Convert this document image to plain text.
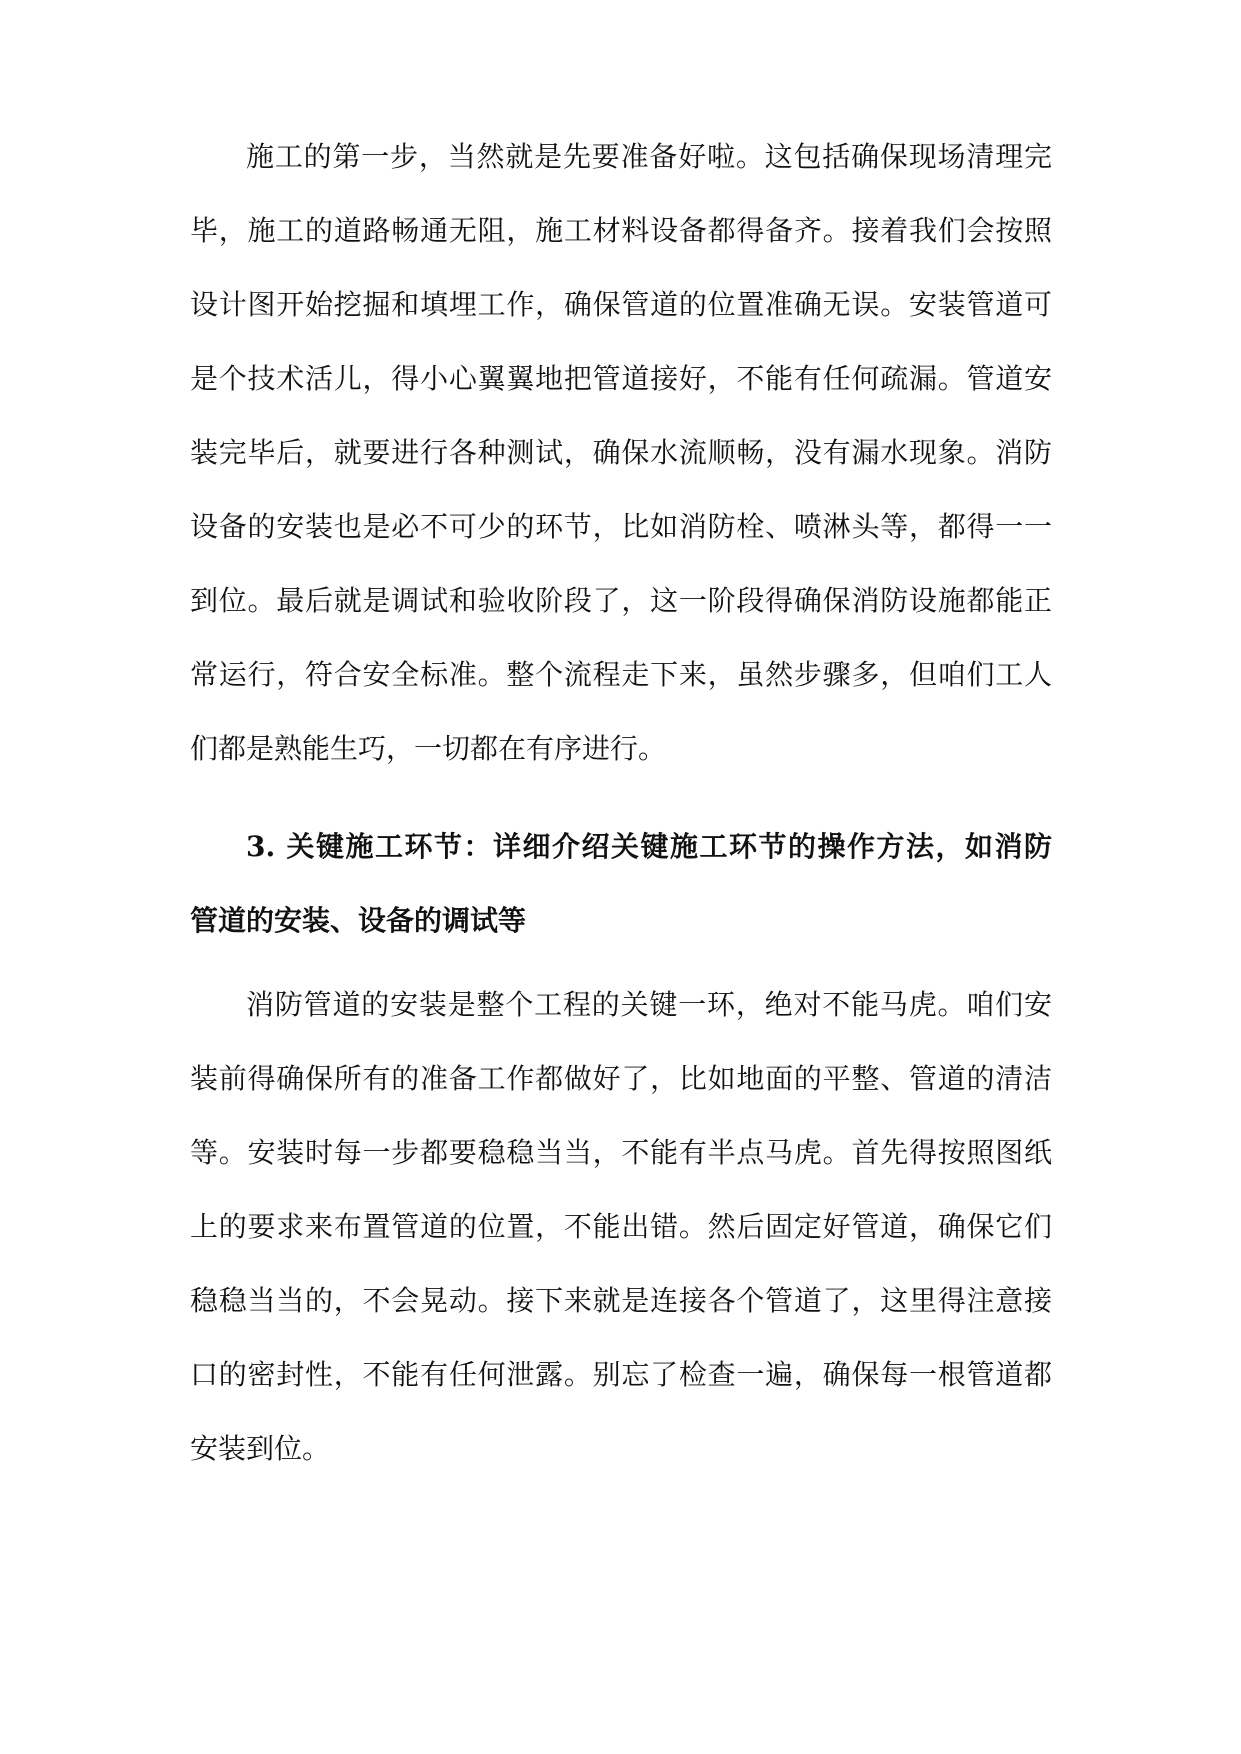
施工的第一步，当然就是先要准备好啦。这包括确保现场清理完
毕，施工的道路畅通无阻，施工材料设备都得备齐。接着我们会按照
设计图开始挖掘和填埋工作，确保管道的位置准确无误。安装管道可
是个技术活儿，得小心翼翼地把管道接好，不能有任何疏漏。管道安
装完毕后，就要进行各种测试，确保水流顺畅，没有漏水现象。消防
设备的安装也是必不可少的环节，比如消防栓、喷淋头等，都得一一
到位。最后就是调试和验收阶段了，这一阶段得确保消防设施都能正
常运行，符合安全标准。整个流程走下来，虽然步骤多，但咱们工人
们都是熟能生巧，一切都在有序进行。
3. 关键施工环节：详细介绍关键施工环节的操作方法，如消防
管道的安装、设备的调试等
消防管道的安装是整个工程的关键一环，绝对不能马虎。咱们安
装前得确保所有的准备工作都做好了，比如地面的平整、管道的清洁
等。安装时每一步都要稳稳当当，不能有半点马虎。首先得按照图纸
上的要求来布置管道的位置，不能出错。然后固定好管道，确保它们
稳稳当当的，不会晃动。接下来就是连接各个管道了，这里得注意接
口的密封性，不能有任何泄露。别忘了检查一遍，确保每一根管道都
安装到位。
